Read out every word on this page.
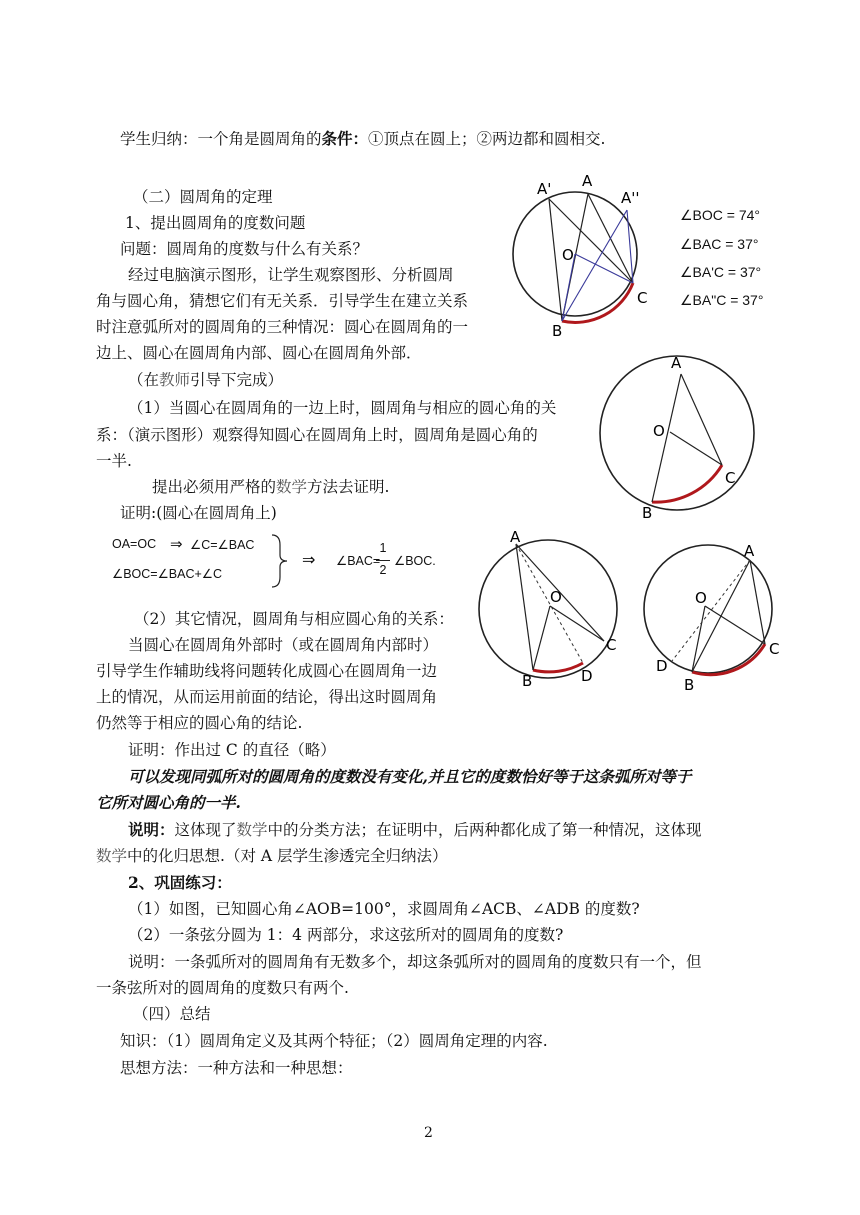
学生归纳：一个角是圆周角的条件：①顶点在圆上；②两边都和圆相交.
（二）圆周角的定理
1、提出圆周角的度数问题
问题：圆周角的度数与什么有关系？
经过电脑演示图形，让学生观察图形、分析圆周
角与圆心角，猜想它们有无关系．引导学生在建立关系
时注意弧所对的圆周角的三种情况：圆心在圆周角的一
边上、圆心在圆周角内部、圆心在圆周角外部．
（在教师引导下完成）
（1）当圆心在圆周角的一边上时，圆周角与相应的圆心角的关
系：（演示图形）观察得知圆心在圆周角上时，圆周角是圆心角的
一半.
提出必须用严格的数学方法去证明.
证明:(圆心在圆周角上)
OA=OC ⇒ ∠C=∠BAC
∠BOC=∠BAC+∠C
⇒ ∠BAC=
1
2
∠BOC.
（2）其它情况，圆周角与相应圆心角的关系：
当圆心在圆周角外部时（或在圆周角内部时）
引导学生作辅助线将问题转化成圆心在圆周角一边
上的情况，从而运用前面的结论，得出这时圆周角
仍然等于相应的圆心角的结论.
证明：作出过 C 的直径（略）
可以发现同弧所对的圆周角的度数没有变化,并且它的度数恰好等于这条弧所对等于
它所对圆心角的一半.
说明：这体现了数学中的分类方法；在证明中，后两种都化成了第一种情况，这体现
数学中的化归思想.（对 A 层学生渗透完全归纳法）
2、巩固练习：
（1）如图，已知圆心角∠AOB=100°，求圆周角∠ACB、∠ADB 的度数?
（2）一条弦分圆为 1：4 两部分，求这弦所对的圆周角的度数?
说明：一条弧所对的圆周角有无数多个，却这条弧所对的圆周角的度数只有一个，但
一条弦所对的圆周角的度数只有两个.
（四）总结
知识：（1）圆周角定义及其两个特征；（2）圆周角定理的内容.
思想方法：一种方法和一种思想：
2
A' A
A''
O
B
C
∠BOC = 74°
∠BAC = 37°
∠BA'C = 37°
∠BA"C = 37°
A
O
B
C
A
O
B
C
D
A
O
B
C
D
